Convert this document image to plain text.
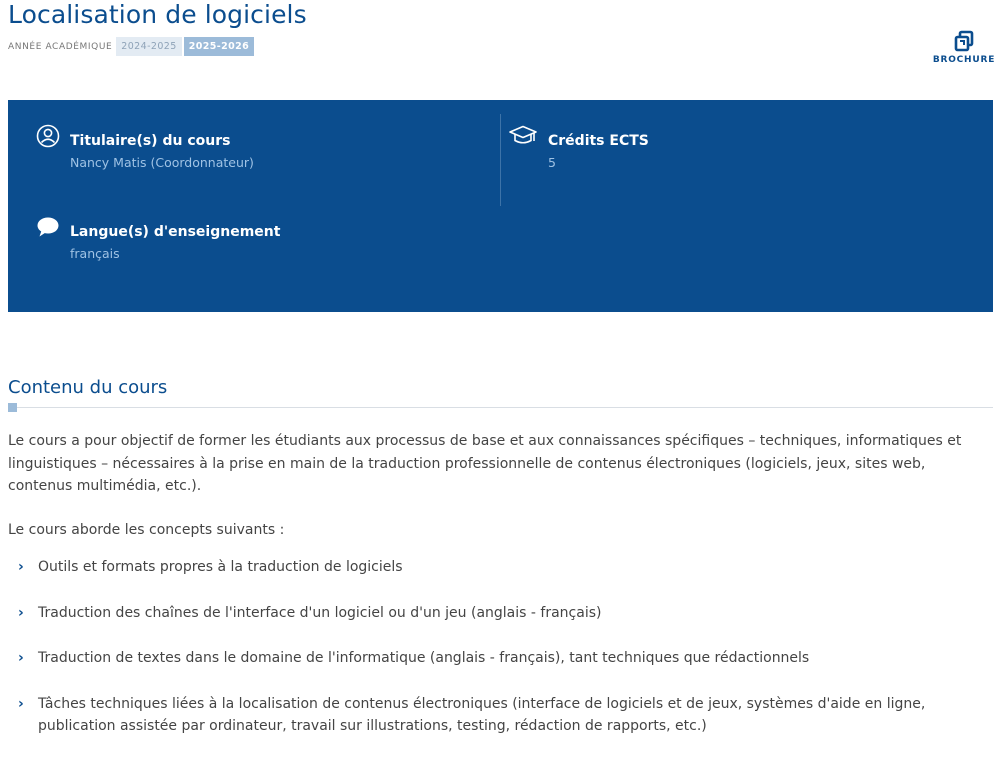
Localisation de logiciels
ANNÉE ACADÉMIQUE 2024-2025	2025-2026
BROCHURE
Titulaire(s) du cours
Nancy Matis (Coordonnateur)
Crédits ECTS
5
Langue(s) d'enseignement
français
Contenu du cours

Le cours a pour objectif de former les étudiants aux processus de base et aux connaissances spécifiques – techniques, informatiques et linguistiques – nécessaires à la prise en main de la traduction professionnelle de contenus électroniques (logiciels, jeux, sites web, contenus multimédia, etc.).

Le cours aborde les concepts suivants :

› Outils et formats propres à la traduction de logiciels
› Traduction des chaînes de l'interface d'un logiciel ou d'un jeu (anglais - français)
› Traduction de textes dans le domaine de l'informatique (anglais - français), tant techniques que rédactionnels
› Tâches techniques liées à la localisation de contenus électroniques (interface de logiciels et de jeux, systèmes d'aide en ligne, publication assistée par ordinateur, travail sur illustrations, testing, rédaction de rapports, etc.)
